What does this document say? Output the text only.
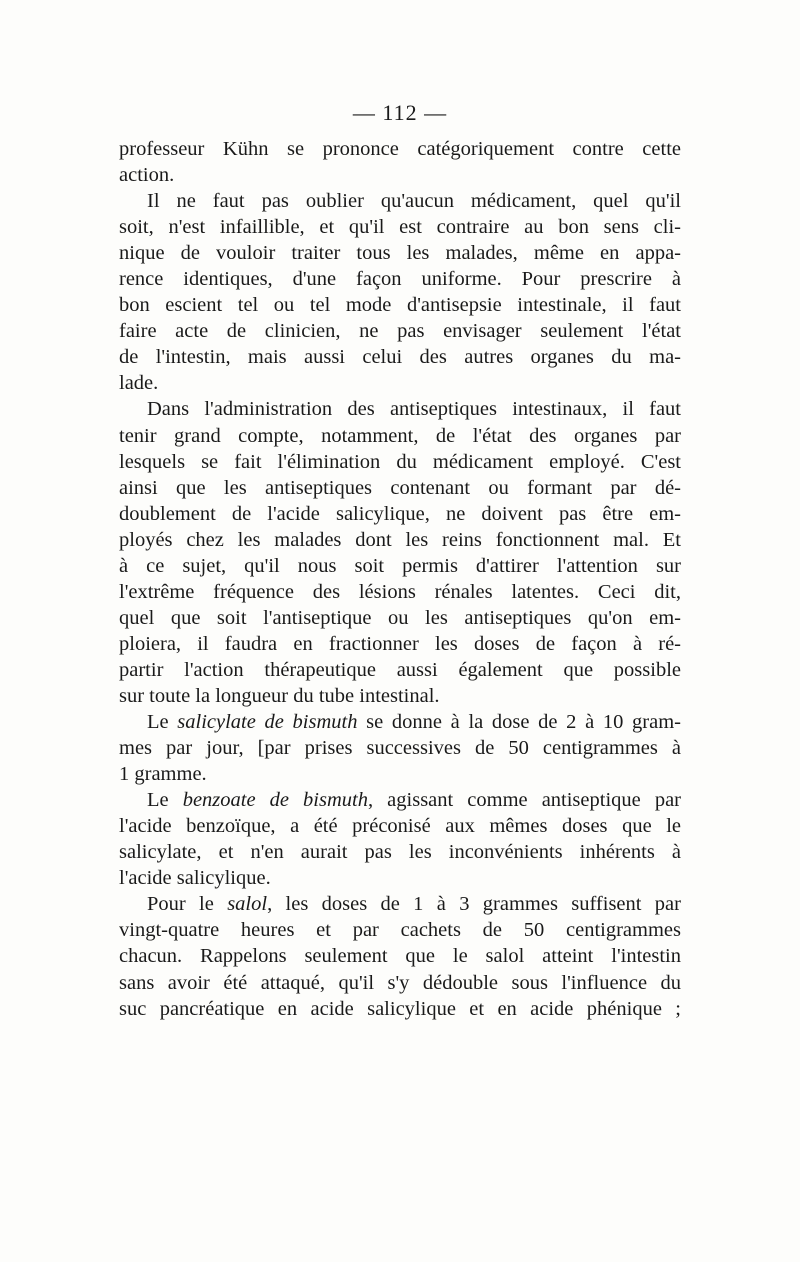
— 112 —
professeur Kühn se prononce catégoriquement contre cette
action.
Il ne faut pas oublier qu'aucun médicament, quel qu'il
soit, n'est infaillible, et qu'il est contraire au bon sens cli-
nique de vouloir traiter tous les malades, même en appa-
rence identiques, d'une façon uniforme. Pour prescrire à
bon escient tel ou tel mode d'antisepsie intestinale, il faut
faire acte de clinicien, ne pas envisager seulement l'état
de l'intestin, mais aussi celui des autres organes du ma-
lade.
Dans l'administration des antiseptiques intestinaux, il faut
tenir grand compte, notamment, de l'état des organes par
lesquels se fait l'élimination du médicament employé. C'est
ainsi que les antiseptiques contenant ou formant par dé-
doublement de l'acide salicylique, ne doivent pas être em-
ployés chez les malades dont les reins fonctionnent mal. Et
à ce sujet, qu'il nous soit permis d'attirer l'attention sur
l'extrême fréquence des lésions rénales latentes. Ceci dit,
quel que soit l'antiseptique ou les antiseptiques qu'on em-
ploiera, il faudra en fractionner les doses de façon à ré-
partir l'action thérapeutique aussi également que possible
sur toute la longueur du tube intestinal.
Le salicylate de bismuth se donne à la dose de 2 à 10 gram-
mes par jour, [par prises successives de 50 centigrammes à
1 gramme.
Le benzoate de bismuth, agissant comme antiseptique par
l'acide benzoïque, a été préconisé aux mêmes doses que le
salicylate, et n'en aurait pas les inconvénients inhérents à
l'acide salicylique.
Pour le salol, les doses de 1 à 3 grammes suffisent par
vingt-quatre heures et par cachets de 50 centigrammes
chacun. Rappelons seulement que le salol atteint l'intestin
sans avoir été attaqué, qu'il s'y dédouble sous l'influence du
suc pancréatique en acide salicylique et en acide phénique ;
